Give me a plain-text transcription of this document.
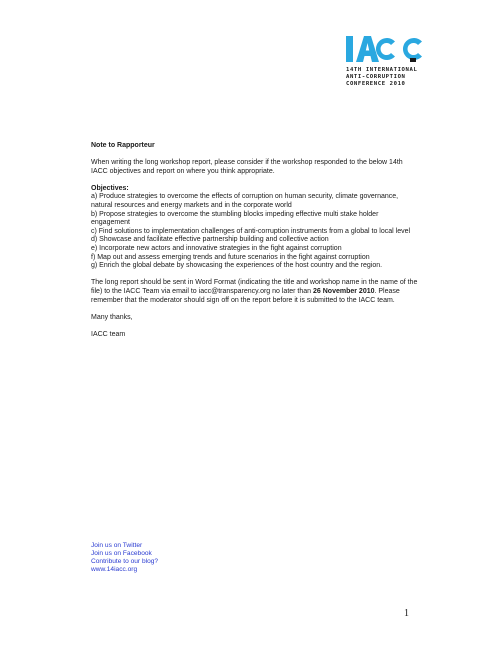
14TH INTERNATIONAL
ANTI-CORRUPTION
CONFERENCE 2010

Note to Rapporteur

When writing the long workshop report, please consider if the workshop responded to the below 14th IACC objectives and report on where you think appropriate.

Objectives:

a) Produce strategies to overcome the effects of corruption on human security, climate governance, natural resources and energy markets and in the corporate world
b) Propose strategies to overcome the stumbling blocks impeding effective multi stake holder engagement
c) Find solutions to implementation challenges of anti-corruption instruments from a global to local level
d) Showcase and facilitate effective partnership building and collective action
e) Incorporate new actors and innovative strategies in the fight against corruption
f) Map out and assess emerging trends and future scenarios in the fight against corruption
g) Enrich the global debate by showcasing the experiences of the host country and the region.

The long report should be sent in Word Format (indicating the title and workshop name in the name of the file) to the IACC Team via email to iacc@transparency.org no later than 26 November 2010. Please remember that the moderator should sign off on the report before it is submitted to the IACC team.

Many thanks,

IACC team

Join us on Twitter
Join us on Facebook
Contribute to our blog?
www.14iacc.org
1
